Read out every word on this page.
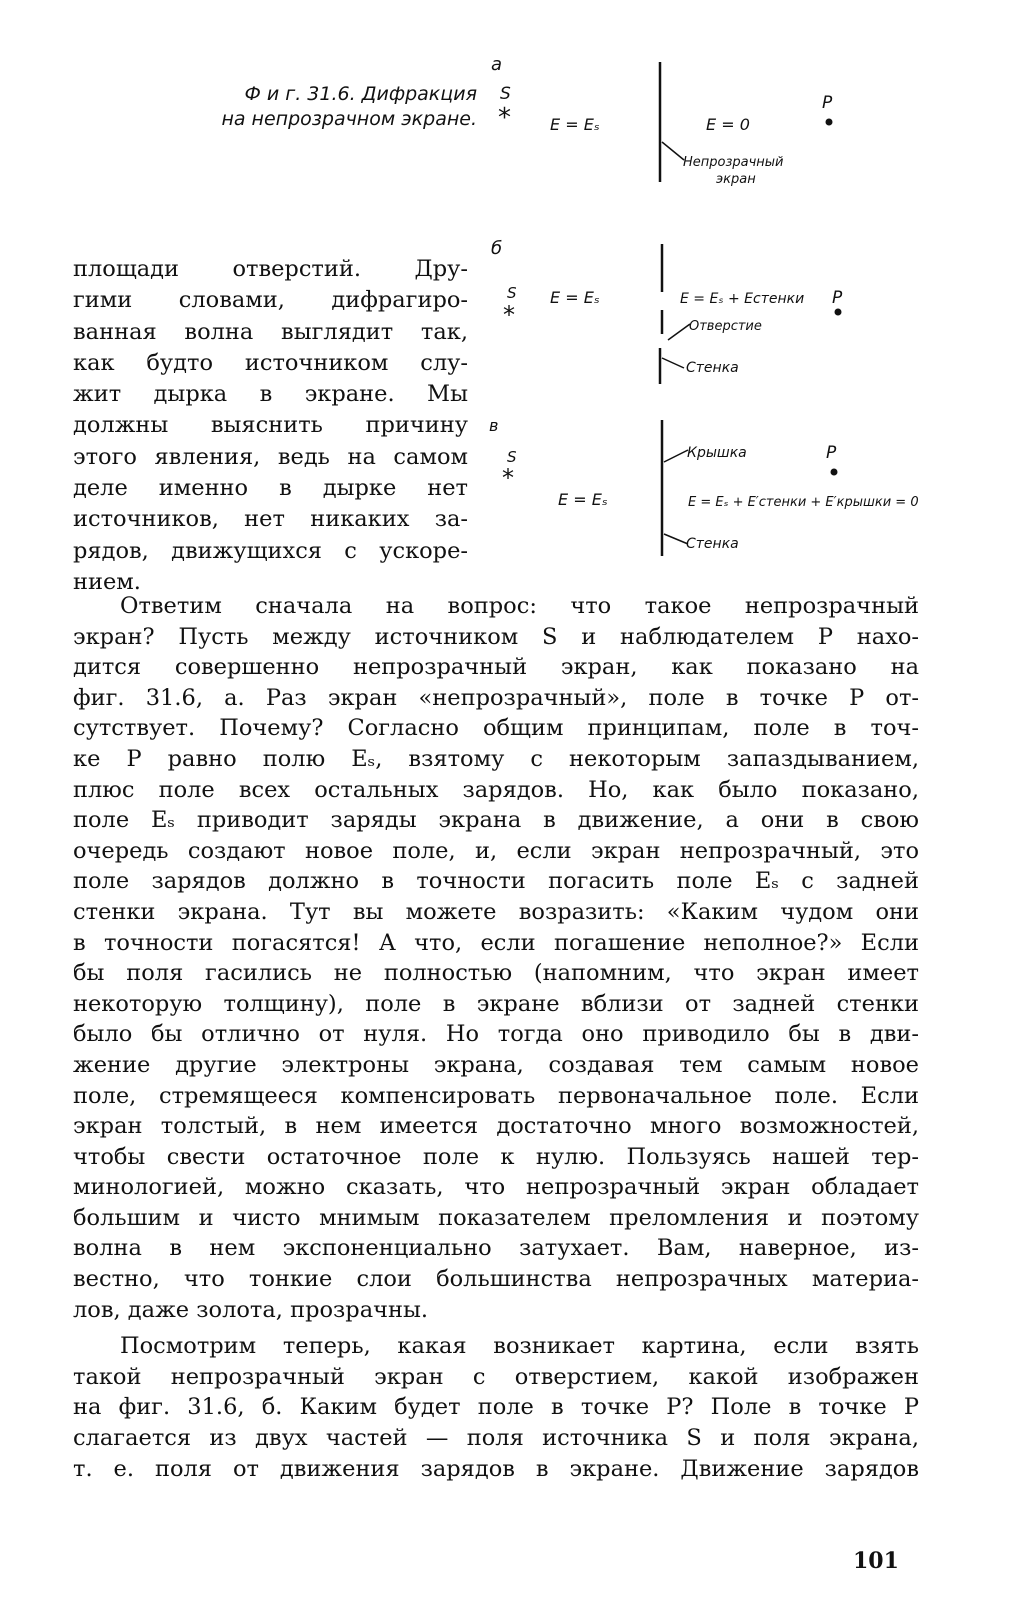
Ф и г. 31.6. Дифракция
на непрозрачном экране.
а
S
* E = Eₛ	E = 0
P
Непрозрачный
экран
б
S
*
E = Eₛ	E = Eₛ + Eстенки P
Отверстие
Стенка
в
S
*
E = Eₛ
Крышка	P
E = Eₛ + E′стенки + E′крышки = 0
Стенка
площади отверстий. Дру-
гими словами, дифрагиро-
ванная волна выглядит так,
как будто источником слу-
жит дырка в экране. Мы
должны выяснить причину
этого явления, ведь на самом
деле именно в дырке нет
источников, нет никаких за-
рядов, движущихся с ускоре-
нием.

Ответим сначала на вопрос: что такое непрозрачный
экран? Пусть между источником S и наблюдателем P нахо-
дится совершенно непрозрачный экран, как показано на
фиг. 31.6, а. Раз экран «непрозрачный», поле в точке P от-
сутствует. Почему? Согласно общим принципам, поле в точ-
ке P равно полю Eₛ, взятому с некоторым запаздыванием,
плюс поле всех остальных зарядов. Но, как было показано,
поле Eₛ приводит заряды экрана в движение, а они в свою
очередь создают новое поле, и, если экран непрозрачный, это
поле зарядов должно в точности погасить поле Eₛ с задней
стенки экрана. Тут вы можете возразить: «Каким чудом они
в точности погасятся! А что, если погашение неполное?» Если
бы поля гасились не полностью (напомним, что экран имеет
некоторую толщину), поле в экране вблизи от задней стенки
было бы отлично от нуля. Но тогда оно приводило бы в дви-
жение другие электроны экрана, создавая тем самым новое
поле, стремящееся компенсировать первоначальное поле. Если
экран толстый, в нем имеется достаточно много возможностей,
чтобы свести остаточное поле к нулю. Пользуясь нашей тер-
минологией, можно сказать, что непрозрачный экран обладает
большим и чисто мнимым показателем преломления и поэтому
волна в нем экспоненциально затухает. Вам, наверное, из-
вестно, что тонкие слои большинства непрозрачных материа-
лов, даже золота, прозрачны.

Посмотрим теперь, какая возникает картина, если взять
такой непрозрачный экран с отверстием, какой изображен
на фиг. 31.6, б. Каким будет поле в точке P? Поле в точке P
слагается из двух частей — поля источника S и поля экрана,
т. е. поля от движения зарядов в экране. Движение зарядов

101
